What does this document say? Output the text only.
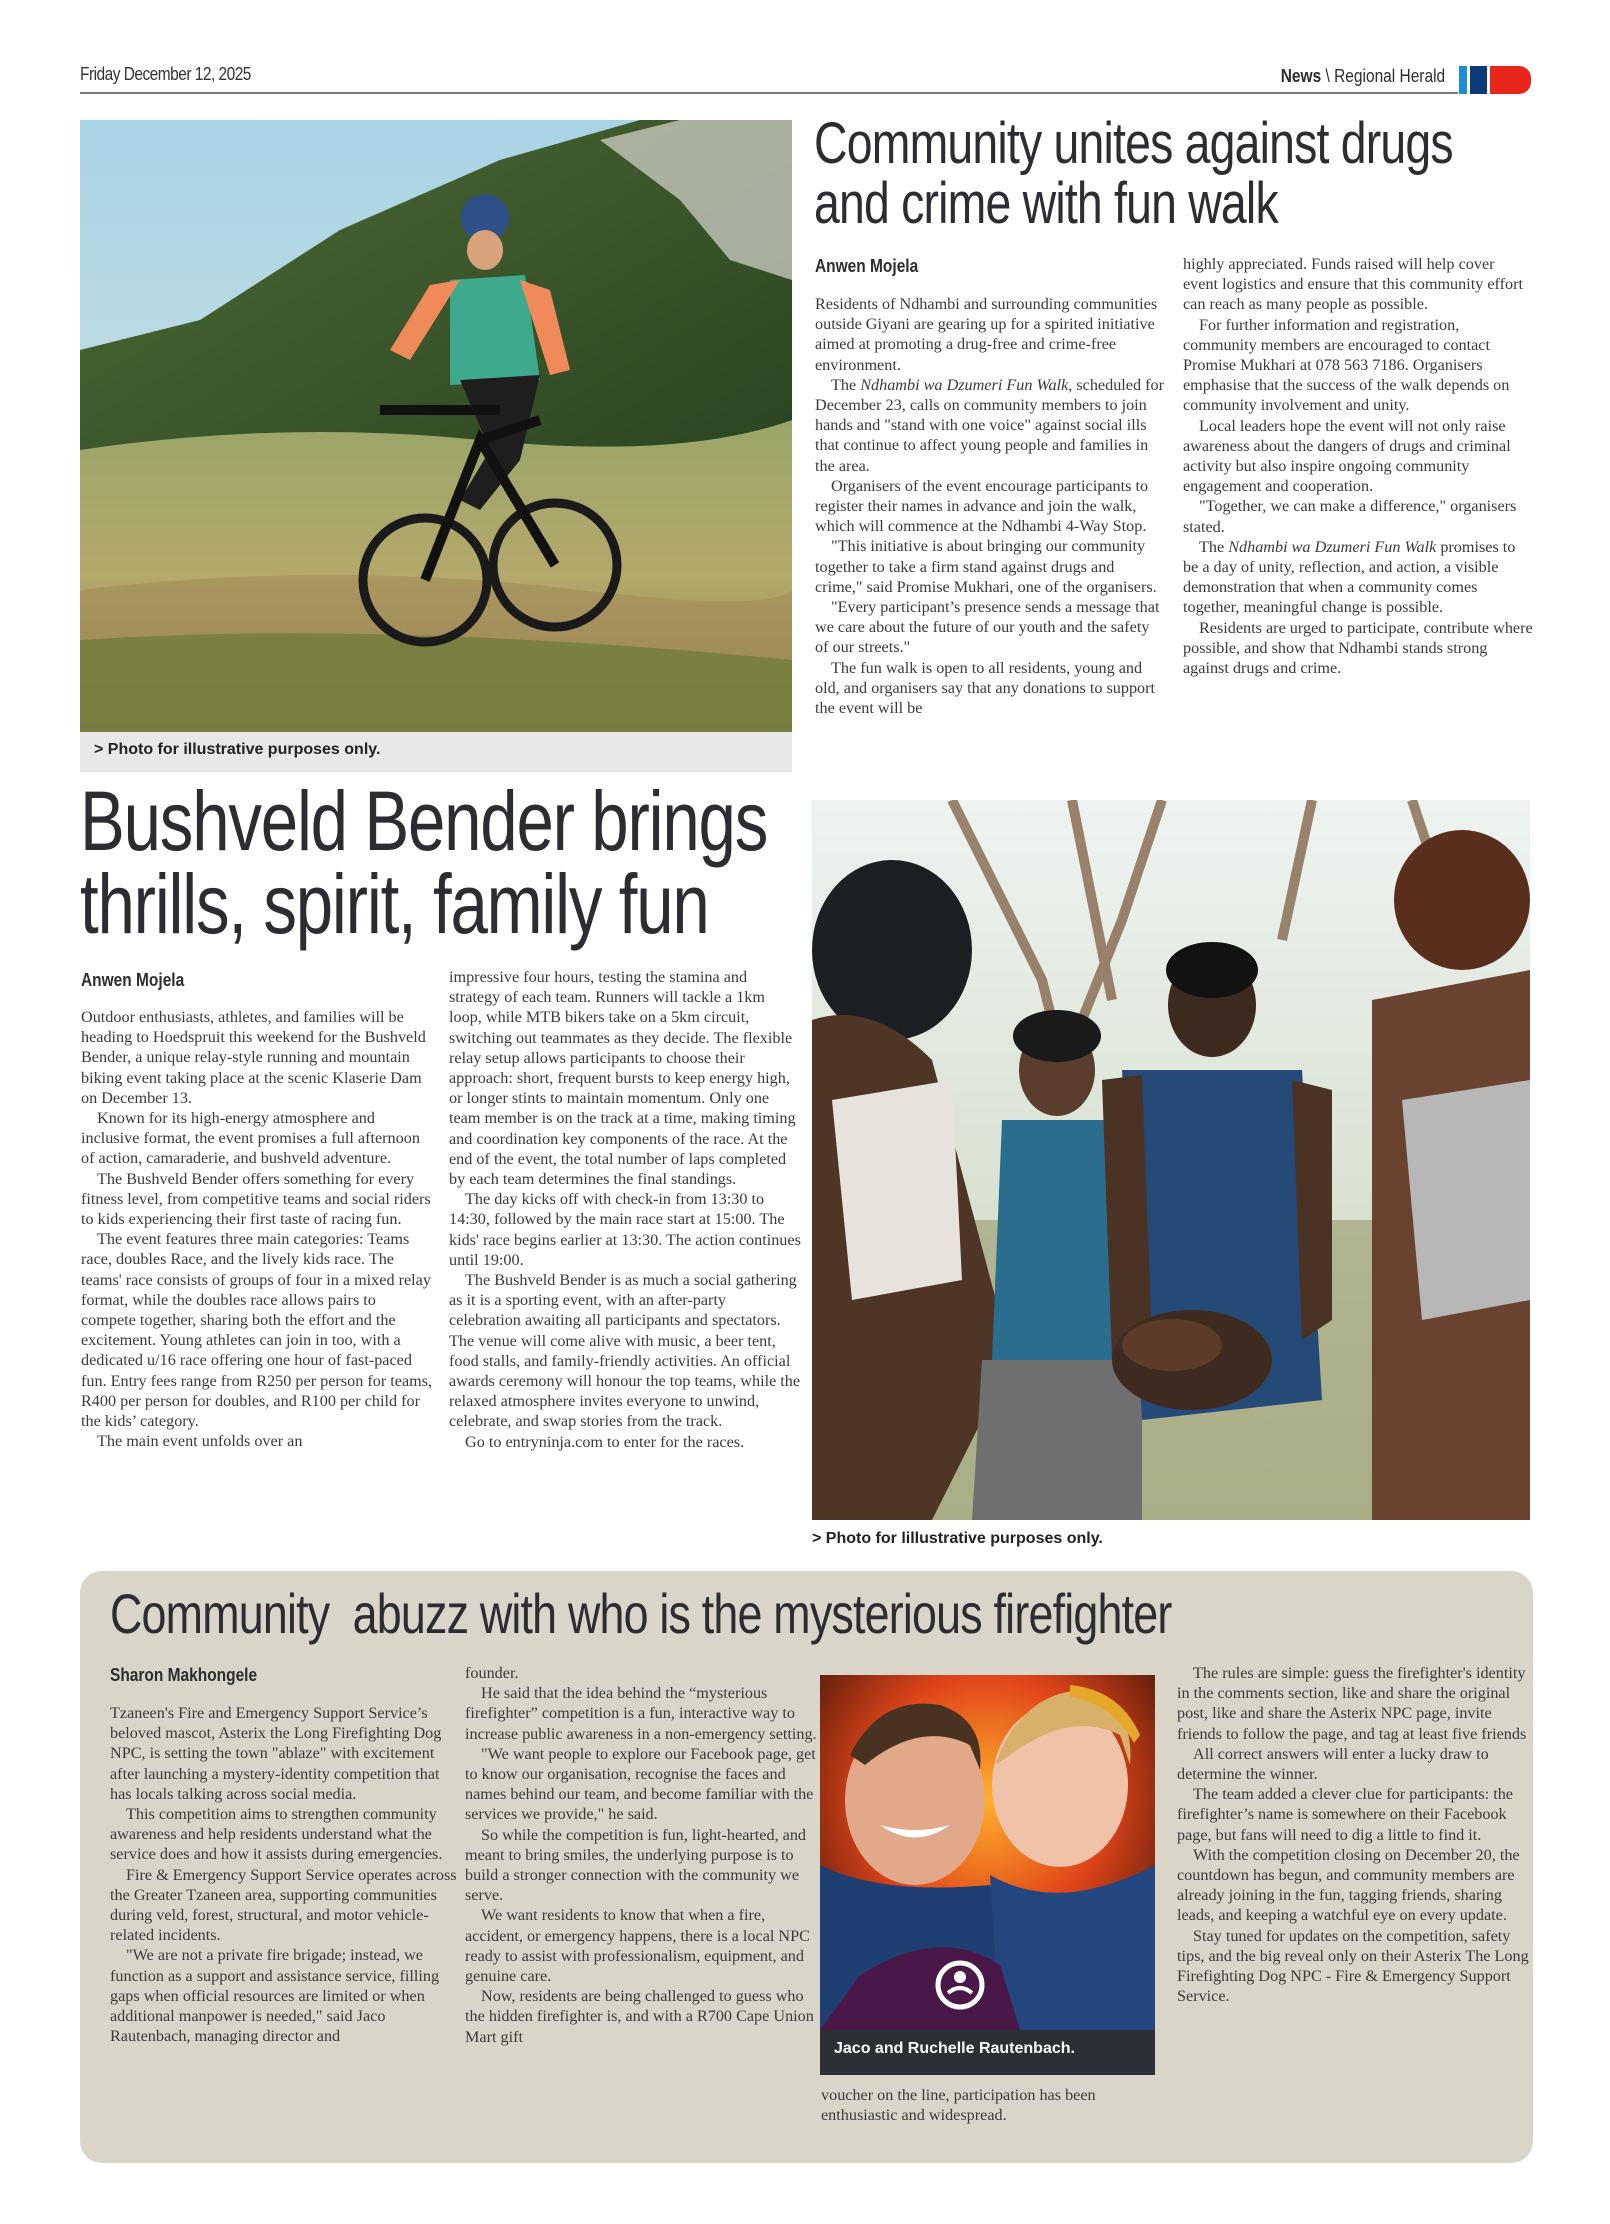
Friday December 12, 2025	News \ Regional Herald
> Photo for illustrative purposes only.
Community unites against drugs
and crime with fun walk
Anwen Mojela

Residents of Ndhambi and surrounding communities outside Giyani are gearing up for a spirited initiative aimed at promoting a drug-free and crime-free environment.

The Ndhambi wa Dzumeri Fun Walk, scheduled for December 23, calls on community members to join hands and "stand with one voice" against social ills that continue to affect young people and families in the area.

Organisers of the event encourage participants to register their names in advance and join the walk, which will commence at the Ndhambi 4-Way Stop.

"This initiative is about bringing our community together to take a firm stand against drugs and crime," said Promise Mukhari, one of the organisers.

"Every participant’s presence sends a message that we care about the future of our youth and the safety of our streets."

The fun walk is open to all residents, young and old, and organisers say that any donations to support the event will be

highly appreciated. Funds raised will help cover event logistics and ensure that this community effort can reach as many people as possible.

For further information and registration, community members are encouraged to contact Promise Mukhari at 078 563 7186. Organisers emphasise that the success of the walk depends on community involvement and unity.

Local leaders hope the event will not only raise awareness about the dangers of drugs and criminal activity but also inspire ongoing community engagement and cooperation.

"Together, we can make a difference," organisers stated.

The Ndhambi wa Dzumeri Fun Walk promises to be a day of unity, reflection, and action, a visible demonstration that when a community comes together, meaningful change is possible.

Residents are urged to participate, contribute where possible, and show that Ndhambi stands strong against drugs and crime.

Bushveld Bender brings
thrills, spirit, family fun
Anwen Mojela

Outdoor enthusiasts, athletes, and families will be heading to Hoedspruit this weekend for the Bushveld Bender, a unique relay-style running and mountain biking event taking place at the scenic Klaserie Dam on December 13.

Known for its high-energy atmosphere and inclusive format, the event promises a full afternoon of action, camaraderie, and bushveld adventure.

The Bushveld Bender offers something for every fitness level, from competitive teams and social riders to kids experiencing their first taste of racing fun.

The event features three main categories: Teams race, doubles Race, and the lively kids race. The teams' race consists of groups of four in a mixed relay format, while the doubles race allows pairs to compete together, sharing both the effort and the excitement. Young athletes can join in too, with a dedicated u/16 race offering one hour of fast-paced fun. Entry fees range from R250 per person for teams, R400 per person for doubles, and R100 per child for the kids’ category.

The main event unfolds over an

impressive four hours, testing the stamina and strategy of each team. Runners will tackle a 1km loop, while MTB bikers take on a 5km circuit, switching out teammates as they decide. The flexible relay setup allows participants to choose their approach: short, frequent bursts to keep energy high, or longer stints to maintain momentum. Only one team member is on the track at a time, making timing and coordination key components of the race. At the end of the event, the total number of laps completed by each team determines the final standings.

The day kicks off with check-in from 13:30 to 14:30, followed by the main race start at 15:00. The kids' race begins earlier at 13:30. The action continues until 19:00.

The Bushveld Bender is as much a social gathering as it is a sporting event, with an after-party celebration awaiting all participants and spectators. The venue will come alive with music, a beer tent, food stalls, and family-friendly activities. An official awards ceremony will honour the top teams, while the relaxed atmosphere invites everyone to unwind, celebrate, and swap stories from the track.

Go to entryninja.com to enter for the races.

> Photo for lillustrative purposes only.
Community  abuzz with who is the mysterious firefighter
Sharon Makhongele

Tzaneen's Fire and Emergency Support Service’s beloved mascot, Asterix the Long Firefighting Dog NPC, is setting the town "ablaze" with excitement after launching a mystery-identity competition that has locals talking across social media.

This competition aims to strengthen community awareness and help residents understand what the service does and how it assists during emergencies.

Fire & Emergency Support Service operates across the Greater Tzaneen area, supporting communities during veld, forest, structural, and motor vehicle-related incidents.

"We are not a private fire brigade; instead, we function as a support and assistance service, filling gaps when official resources are limited or when additional manpower is needed," said Jaco Rautenbach, managing director and

founder.

He said that the idea behind the “mysterious firefighter” competition is a fun, interactive way to increase public awareness in a non-emergency setting.

"We want people to explore our Facebook page, get to know our organisation, recognise the faces and names behind our team, and become familiar with the services we provide," he said.

So while the competition is fun, light-hearted, and meant to bring smiles, the underlying purpose is to build a stronger connection with the community we serve.

We want residents to know that when a fire, accident, or emergency happens, there is a local NPC ready to assist with professionalism, equipment, and genuine care.

Now, residents are being challenged to guess who the hidden firefighter is, and with a R700 Cape Union Mart gift

Jaco and Ruchelle Rautenbach.

voucher on the line, participation has been enthusiastic and widespread.

The rules are simple: guess the firefighter's identity in the comments section, like and share the original post, like and share the Asterix NPC page, invite friends to follow the page, and tag at least five friends

All correct answers will enter a lucky draw to determine the winner.

The team added a clever clue for participants: the firefighter’s name is somewhere on their Facebook page, but fans will need to dig a little to find it.

With the competition closing on December 20, the countdown has begun, and community members are already joining in the fun, tagging friends, sharing leads, and keeping a watchful eye on every update.

Stay tuned for updates on the competition, safety tips, and the big reveal only on their Asterix The Long Firefighting Dog NPC - Fire & Emergency Support Service.
